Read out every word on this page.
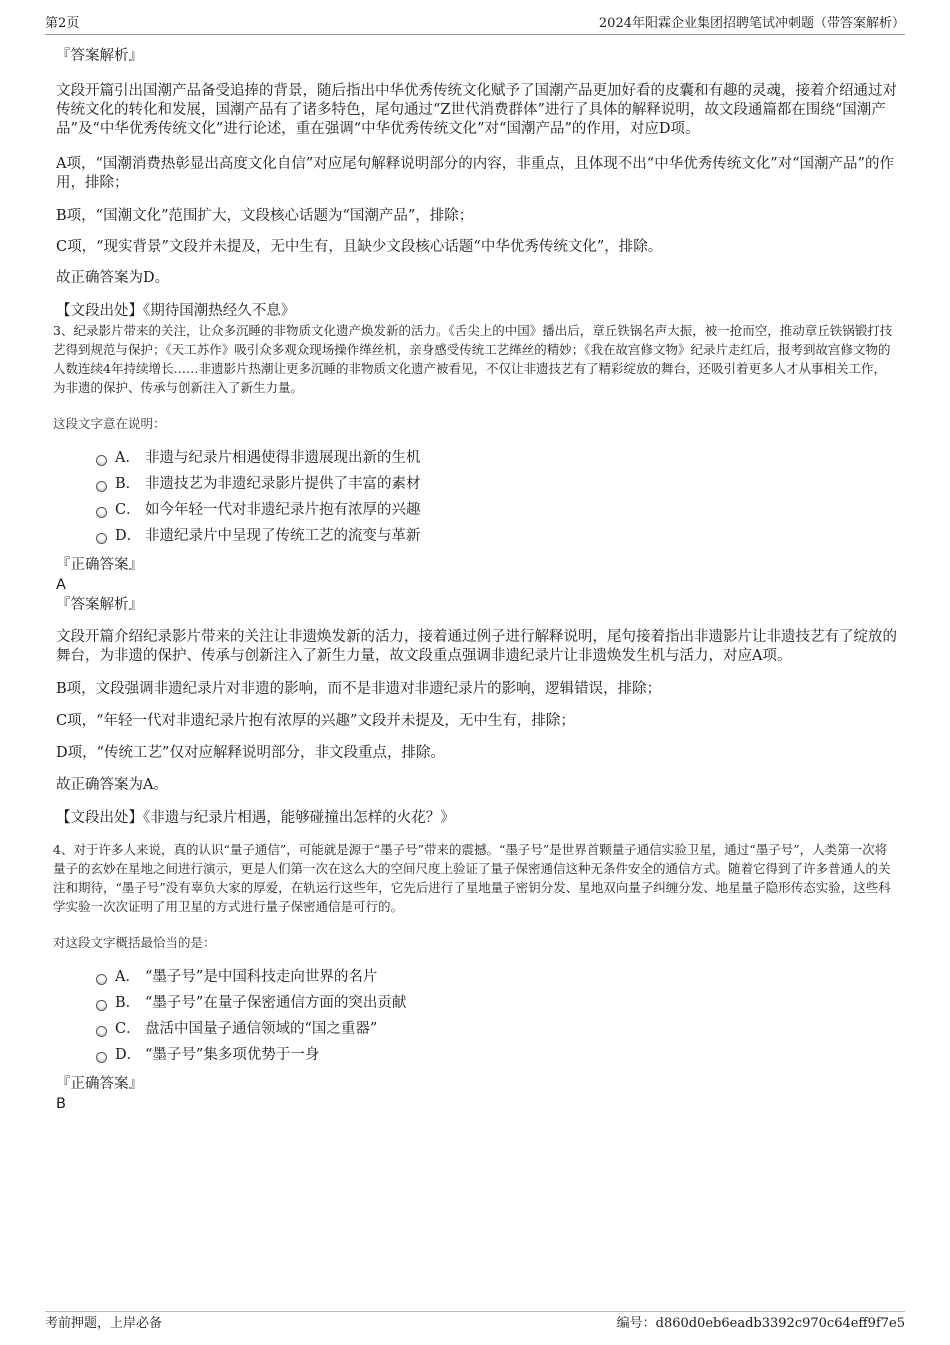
第2页	2024年阳霖企业集团招聘笔试冲刺题（带答案解析）

『答案解析』

文段开篇引出国潮产品备受追捧的背景，随后指出中华优秀传统文化赋予了国潮产品更加好看的皮囊和有趣的灵魂，接着介绍通过对传统文化的转化和发展，国潮产品有了诸多特色，尾句通过“Z世代消费群体”进行了具体的解释说明，故文段通篇都在围绕“国潮产品”及“中华优秀传统文化”进行论述，重在强调“中华优秀传统文化”对“国潮产品”的作用，对应D项。

A项，“国潮消费热彰显出高度文化自信”对应尾句解释说明部分的内容，非重点，且体现不出“中华优秀传统文化”对“国潮产品”的作用，排除；

B项，“国潮文化”范围扩大，文段核心话题为“国潮产品”，排除；

C项，“现实背景”文段并未提及，无中生有，且缺少文段核心话题“中华优秀传统文化”，排除。

故正确答案为D。

【文段出处】《期待国潮热经久不息》

3、纪录影片带来的关注，让众多沉睡的非物质文化遗产焕发新的活力。《舌尖上的中国》播出后，章丘铁锅名声大振，被一抢而空，推动章丘铁锅锻打技艺得到规范与保护；《天工苏作》吸引众多观众现场操作缂丝机，亲身感受传统工艺缂丝的精妙；《我在故宫修文物》纪录片走红后，报考到故宫修文物的人数连续4年持续增长……非遗影片热潮让更多沉睡的非物质文化遗产被看见，不仅让非遗技艺有了精彩绽放的舞台，还吸引着更多人才从事相关工作，为非遗的保护、传承与创新注入了新生力量。

这段文字意在说明：

A． 非遗与纪录片相遇使得非遗展现出新的生机
B． 非遗技艺为非遗纪录影片提供了丰富的素材
C． 如今年轻一代对非遗纪录片抱有浓厚的兴趣
D． 非遗纪录片中呈现了传统工艺的流变与革新

『正确答案』

A

『答案解析』

文段开篇介绍纪录影片带来的关注让非遗焕发新的活力，接着通过例子进行解释说明，尾句接着指出非遗影片让非遗技艺有了绽放的舞台，为非遗的保护、传承与创新注入了新生力量，故文段重点强调非遗纪录片让非遗焕发生机与活力，对应A项。

B项，文段强调非遗纪录片对非遗的影响，而不是非遗对非遗纪录片的影响，逻辑错误，排除；

C项，“年轻一代对非遗纪录片抱有浓厚的兴趣”文段并未提及，无中生有，排除；

D项，“传统工艺”仅对应解释说明部分，非文段重点，排除。

故正确答案为A。

【文段出处】《非遗与纪录片相遇，能够碰撞出怎样的火花？》

4、对于许多人来说，真的认识“量子通信”，可能就是源于“墨子号”带来的震撼。“墨子号”是世界首颗量子通信实验卫星，通过“墨子号”，人类第一次将量子的玄妙在星地之间进行演示，更是人们第一次在这么大的空间尺度上验证了量子保密通信这种无条件安全的通信方式。随着它得到了许多普通人的关注和期待，“墨子号”没有辜负大家的厚爱，在轨运行这些年，它先后进行了星地量子密钥分发、星地双向量子纠缠分发、地星量子隐形传态实验，这些科学实验一次次证明了用卫星的方式进行量子保密通信是可行的。

对这段文字概括最恰当的是：

A． “墨子号”是中国科技走向世界的名片
B． “墨子号”在量子保密通信方面的突出贡献
C． 盘活中国量子通信领域的“国之重器”
D． “墨子号”集多项优势于一身

『正确答案』

B

考前押题，上岸必备	编号：d860d0eb6eadb3392c970c64eff9f7e5
